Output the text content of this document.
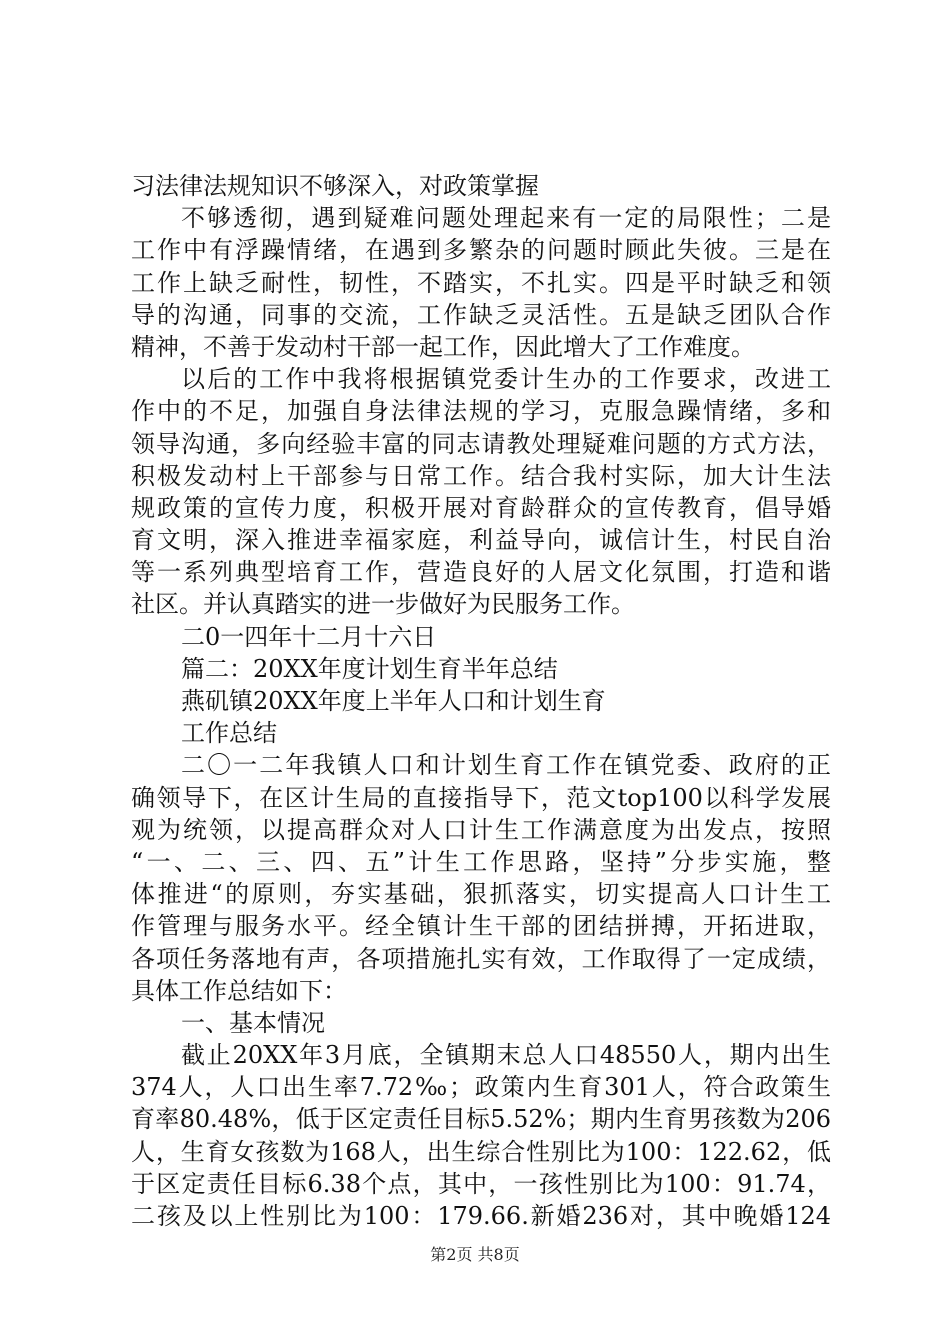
习法律法规知识不够深入，对政策掌握
不够透彻，遇到疑难问题处理起来有一定的局限性；二是
工作中有浮躁情绪，在遇到多繁杂的问题时顾此失彼。三是在
工作上缺乏耐性，韧性，不踏实，不扎实。四是平时缺乏和领
导的沟通，同事的交流，工作缺乏灵活性。五是缺乏团队合作
精神，不善于发动村干部一起工作，因此增大了工作难度。
以后的工作中我将根据镇党委计生办的工作要求，改进工
作中的不足，加强自身法律法规的学习，克服急躁情绪，多和
领导沟通，多向经验丰富的同志请教处理疑难问题的方式方法，
积极发动村上干部参与日常工作。结合我村实际，加大计生法
规政策的宣传力度，积极开展对育龄群众的宣传教育，倡导婚
育文明，深入推进幸福家庭，利益导向，诚信计生，村民自治
等一系列典型培育工作，营造良好的人居文化氛围，打造和谐
社区。并认真踏实的进一步做好为民服务工作。
二0一四年十二月十六日
篇二：20XX年度计划生育半年总结
燕矶镇20XX年度上半年人口和计划生育
工作总结
二〇一二年我镇人口和计划生育工作在镇党委、政府的正
确领导下，在区计生局的直接指导下，范文top100以科学发展
观为统领，以提高群众对人口计生工作满意度为出发点，按照
“一、二、三、四、五”计生工作思路，坚持”分步实施，整
体推进“的原则，夯实基础，狠抓落实，切实提高人口计生工
作管理与服务水平。经全镇计生干部的团结拼搏，开拓进取，
各项任务落地有声，各项措施扎实有效，工作取得了一定成绩，
具体工作总结如下：
一、基本情况
截止20XX年3月底，全镇期末总人口48550人，期内出生
374人，人口出生率7.72‰；政策内生育301人，符合政策生
育率80.48%，低于区定责任目标5.52%；期内生育男孩数为206
人，生育女孩数为168人，出生综合性别比为100：122.62，低
于区定责任目标6.38个点，其中，一孩性别比为100：91.74，
二孩及以上性别比为100：179.66.新婚236对，其中晚婚124
第2页 共8页
